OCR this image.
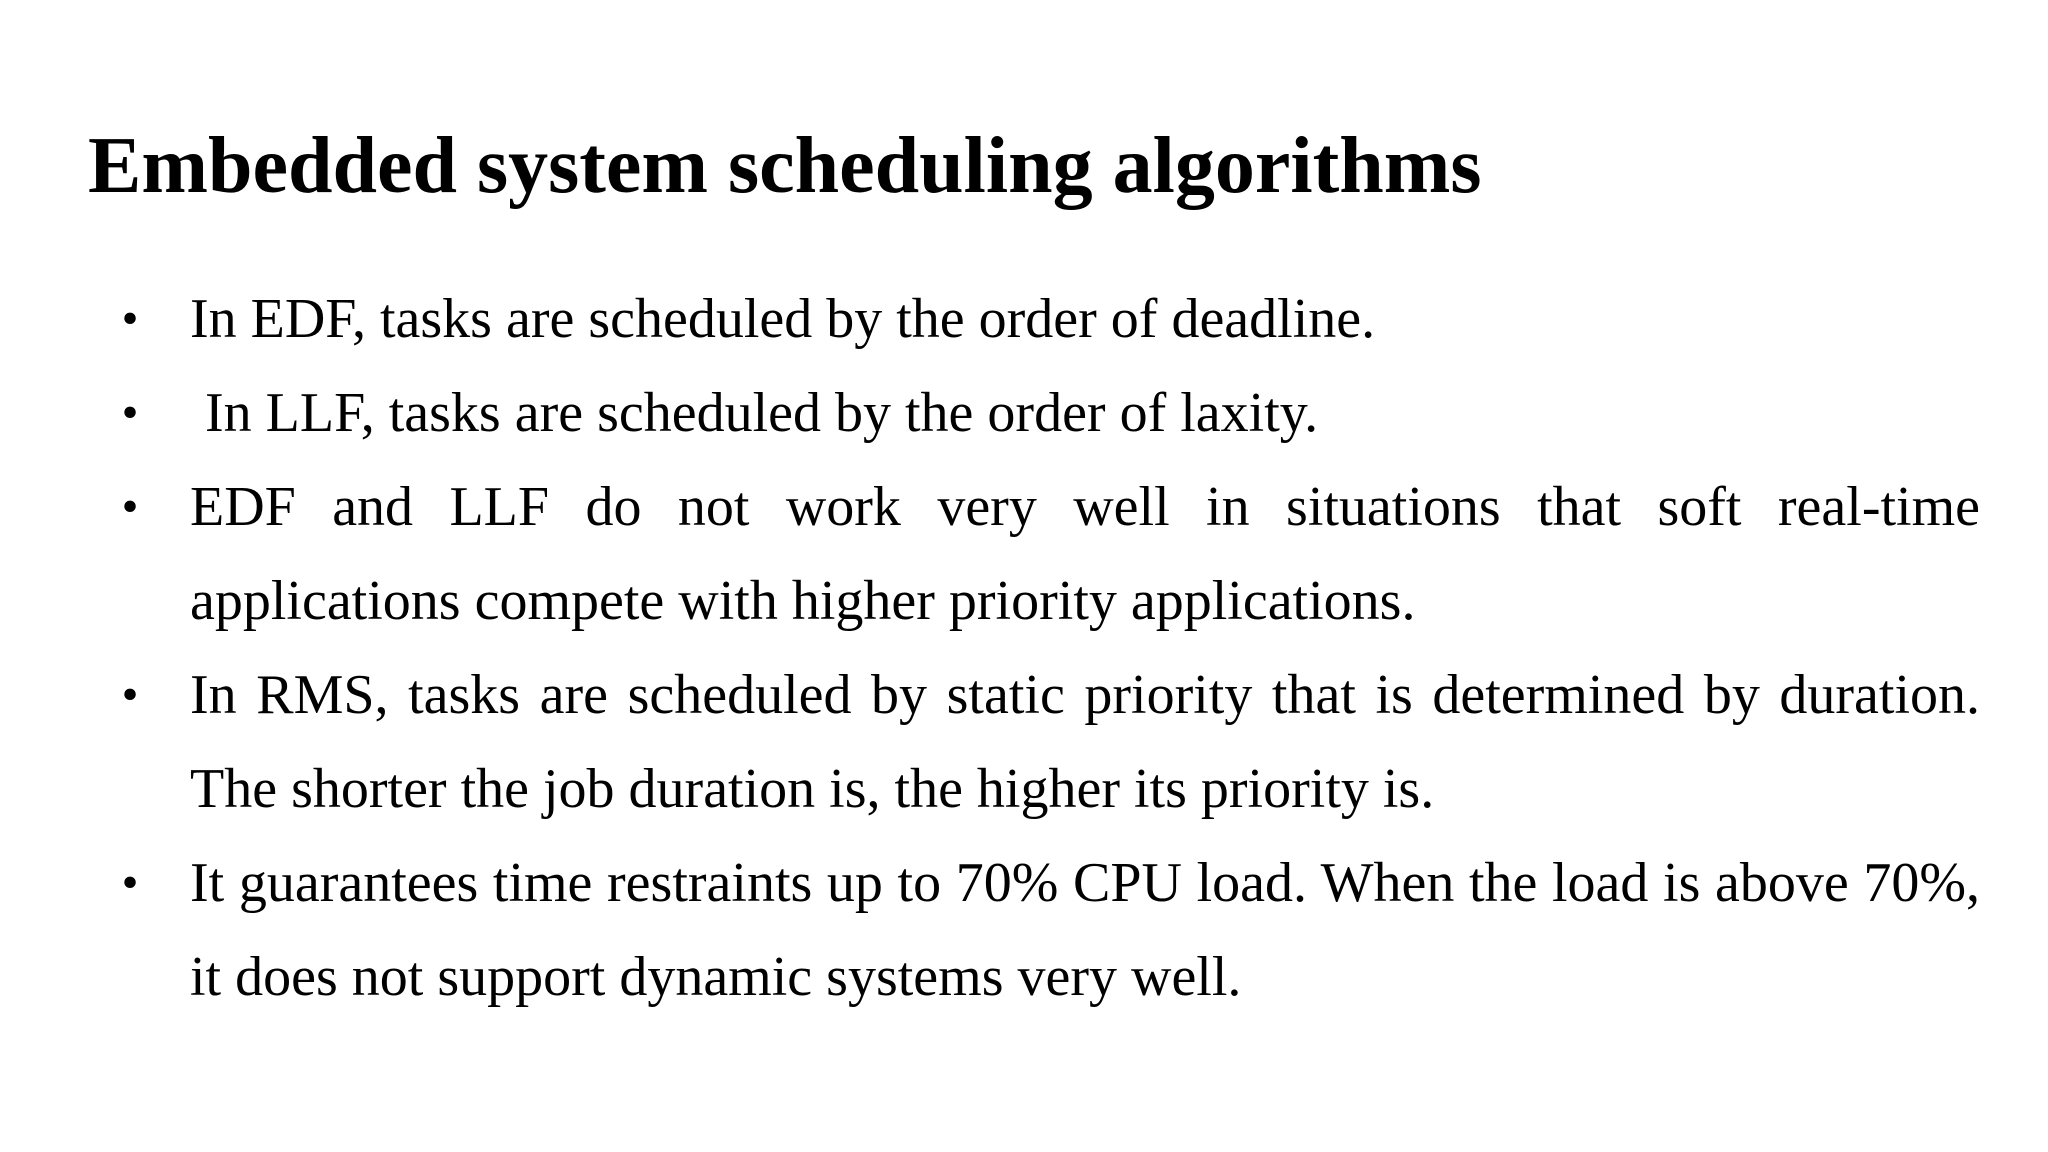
Embedded system scheduling algorithms
• In EDF, tasks are scheduled by the order of deadline.
• In LLF, tasks are scheduled by the order of laxity.
• EDF and LLF do not work very well in situations that soft real-time applications compete with higher priority applications.
• In RMS, tasks are scheduled by static priority that is determined by duration. The shorter the job duration is, the higher its priority is.
• It guarantees time restraints up to 70% CPU load. When the load is above 70%, it does not support dynamic systems very well.
